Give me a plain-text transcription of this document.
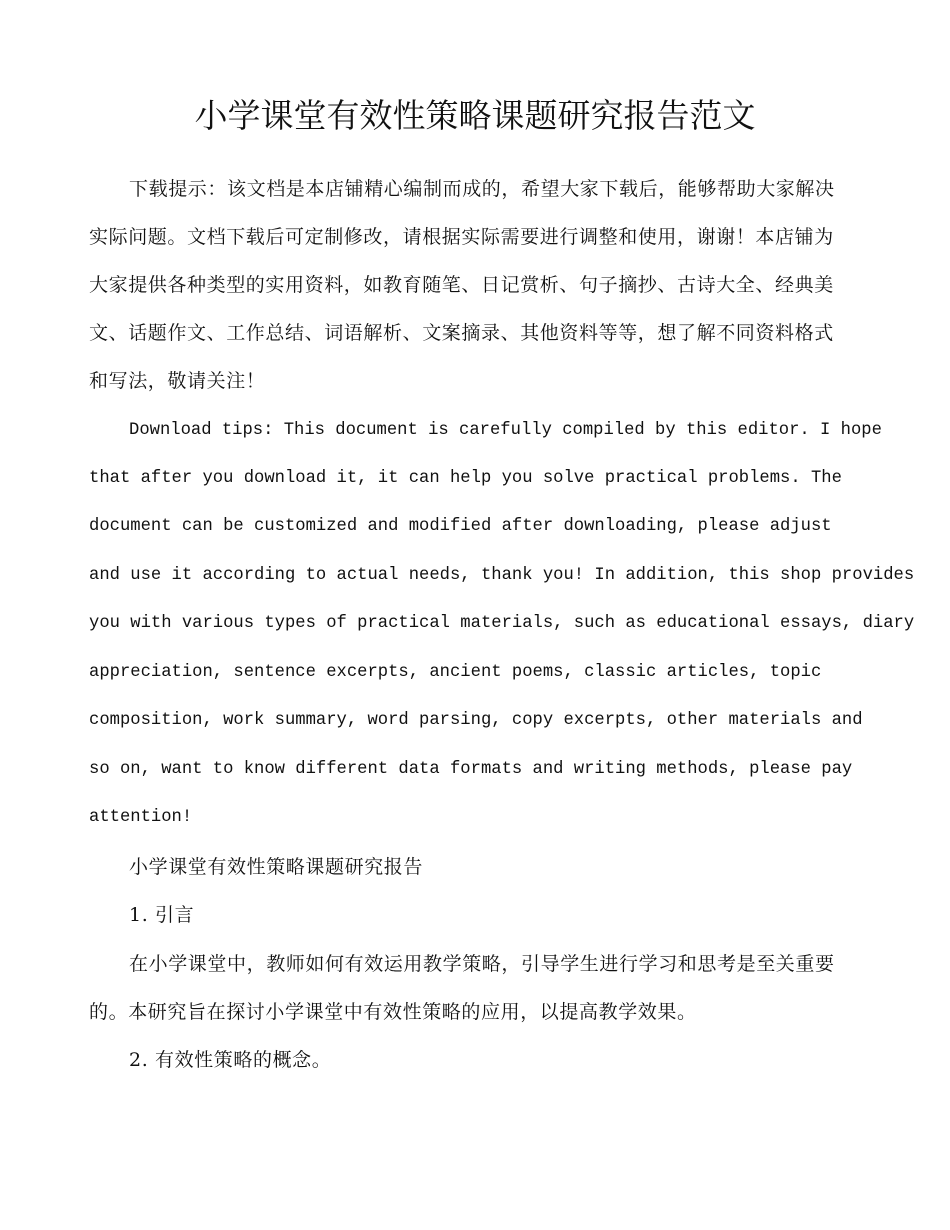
小学课堂有效性策略课题研究报告范文
下载提示：该文档是本店铺精心编制而成的，希望大家下载后，能够帮助大家解决
实际问题。文档下载后可定制修改，请根据实际需要进行调整和使用，谢谢！本店铺为
大家提供各种类型的实用资料，如教育随笔、日记赏析、句子摘抄、古诗大全、经典美
文、话题作文、工作总结、词语解析、文案摘录、其他资料等等，想了解不同资料格式
和写法，敬请关注！
Download tips: This document is carefully compiled by this editor. I hope
that after you download it, it can help you solve practical problems. The
document can be customized and modified after downloading, please adjust
and use it according to actual needs, thank you! In addition, this shop provides
you with various types of practical materials, such as educational essays, diary
appreciation, sentence excerpts, ancient poems, classic articles, topic
composition, work summary, word parsing, copy excerpts, other materials and
so on, want to know different data formats and writing methods, please pay
attention!
小学课堂有效性策略课题研究报告
1. 引言
在小学课堂中，教师如何有效运用教学策略，引导学生进行学习和思考是至关重要
的。本研究旨在探讨小学课堂中有效性策略的应用，以提高教学效果。
2. 有效性策略的概念。
